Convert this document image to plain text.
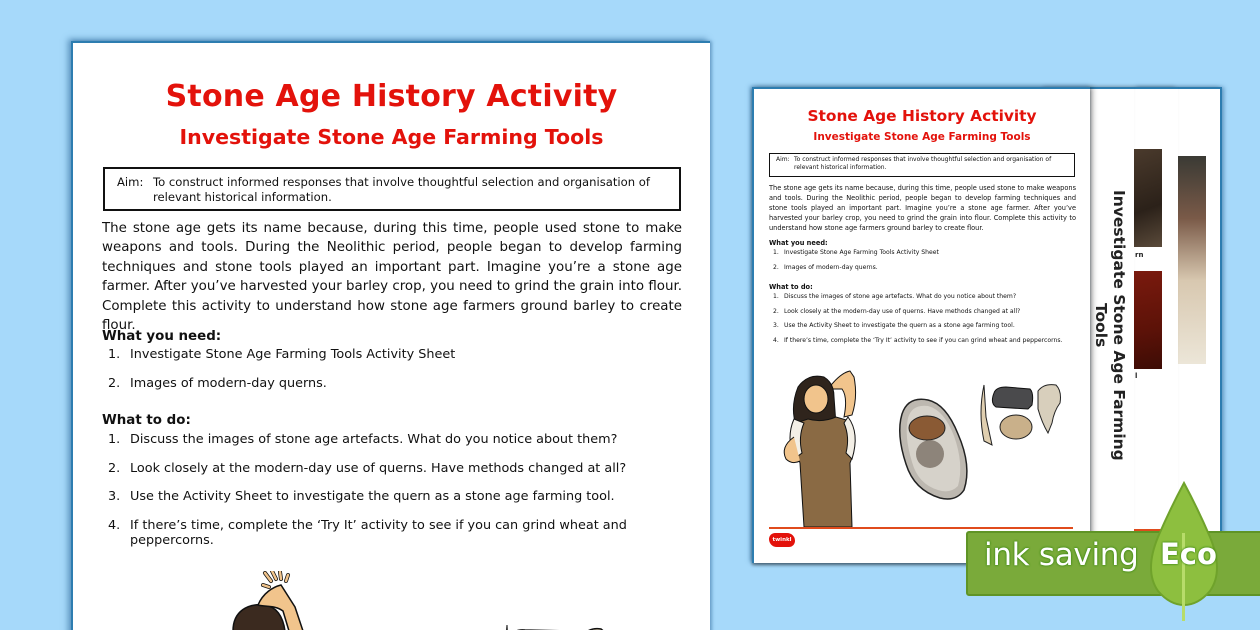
Stone Age History Activity
Investigate Stone Age Farming Tools
Aim: To construct informed responses that involve thoughtful selection and organisation of relevant historical information.

The stone age gets its name because, during this time, people used stone to make weapons and tools. During the Neolithic period, people began to develop farming techniques and stone tools played an important part. Imagine you’re a stone age farmer. After you’ve harvested your barley crop, you need to grind the grain into flour. Complete this activity to understand how stone age farmers ground barley to create flour.

What you need:
1. Investigate Stone Age Farming Tools Activity Sheet
2. Images of modern-day querns.
What to do:
1. Discuss the images of stone age artefacts. What do you notice about them?
2. Look closely at the modern-day use of querns. Have methods changed at all?
3. Use the Activity Sheet to investigate the quern as a stone age farming tool.
4. If there’s time, complete the ‘Try It’ activity to see if you can grind wheat and peppercorns.
rn
l
Investigate Stone Age Farming Tools
Stone Age History Activity
Investigate Stone Age Farming Tools
Aim: To construct informed responses that involve thoughtful selection and organisation of relevant historical information.

The stone age gets its name because, during this time, people used stone to make weapons and tools. During the Neolithic period, people began to develop farming techniques and stone tools played an important part. Imagine you’re a stone age farmer. After you’ve harvested your barley crop, you need to grind the grain into flour. Complete this activity to understand how stone age farmers ground barley to create flour.

What you need:
1. Investigate Stone Age Farming Tools Activity Sheet
2. Images of modern-day querns.
What to do:
1. Discuss the images of stone age artefacts. What do you notice about them?
2. Look closely at the modern-day use of querns. Have methods changed at all?
3. Use the Activity Sheet to investigate the quern as a stone age farming tool.
4. If there’s time, complete the ‘Try It’ activity to see if you can grind wheat and peppercorns.
twinkl	ink saving Eco
